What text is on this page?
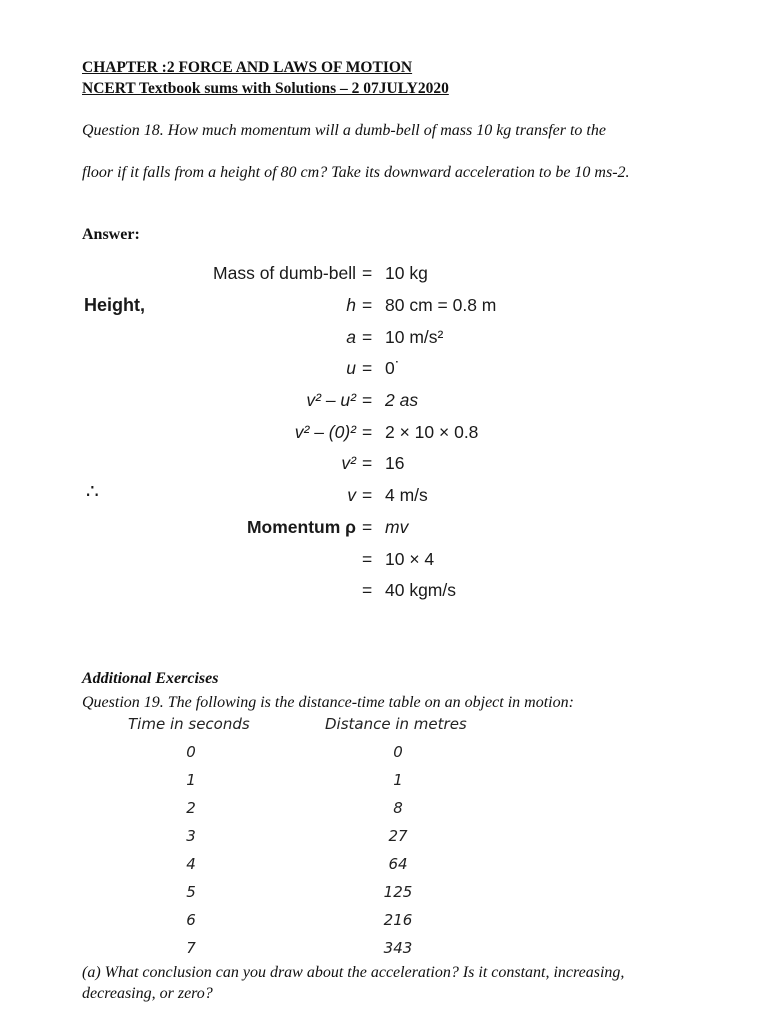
CHAPTER :2 FORCE AND LAWS OF MOTION
NCERT Textbook sums with Solutions – 2 07JULY2020
Question 18. How much momentum will a dumb-bell of mass 10 kg transfer to the
floor if it falls from a height of 80 cm? Take its downward acceleration to be 10 ms-2.
Answer:
Mass of dumb-bell = 10 kg
Height,	h = 80 cm = 0.8 m
a = 10 m/s²
u = 0˙
v² – u² = 2 as
v² – (0)² = 2 × 10 × 0.8
v² = 16
∴	v = 4 m/s
Momentum ρ = mv
= 10 × 4
= 40 kgm/s
Additional Exercises
Question 19. The following is the distance-time table on an object in motion:
Time in seconds	Distance in metres
0	0
1	1
2	8
3	27
4	64
5	125
6	216
7	343
(a) What conclusion can you draw about the acceleration? Is it constant, increasing, decreasing, or zero?
